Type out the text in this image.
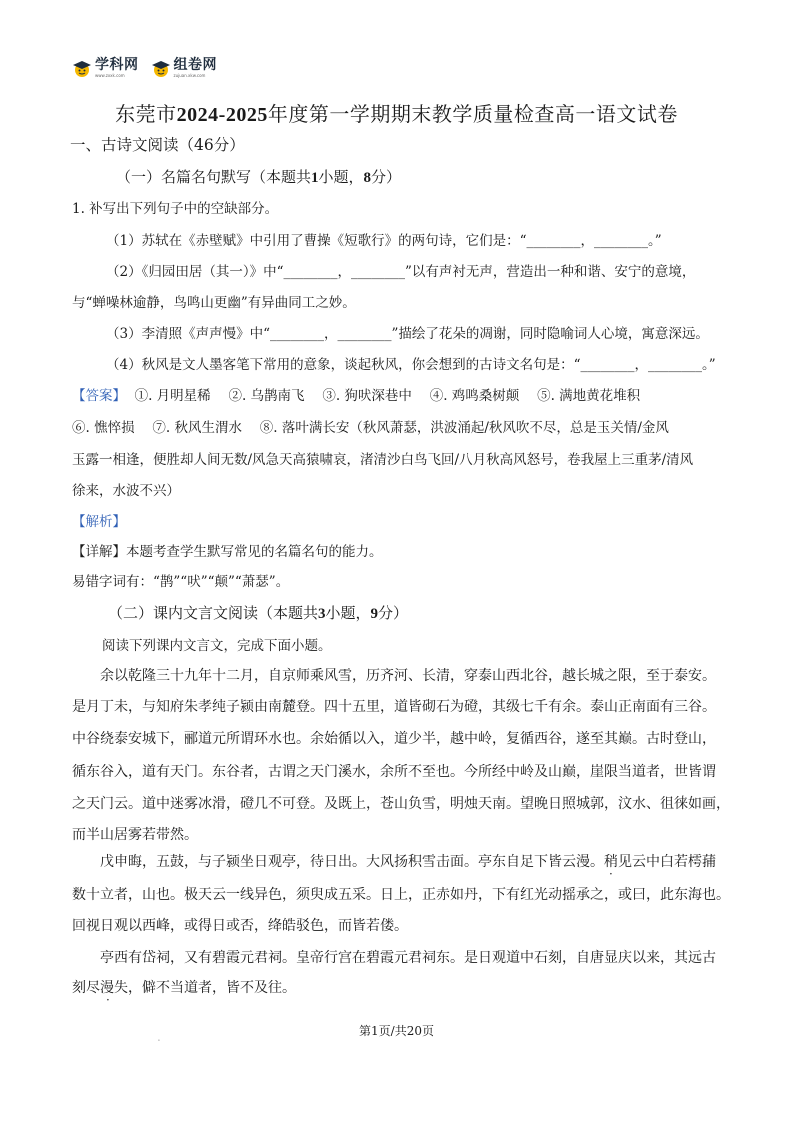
学科网
www.zxxk.com
组卷网
zujuan.xkw.com
东莞市2024-2025年度第一学期期末教学质量检查高一语文试卷
一、古诗文阅读（46分）
（一）名篇名句默写（本题共1小题，8分）
1. 补写出下列句子中的空缺部分。
（1）苏轼在《赤壁赋》中引用了曹操《短歌行》的两句诗，它们是：“________，________。”
（2）《归园田居（其一）》中“________，________”以有声衬无声，营造出一种和谐、安宁的意境，
与“蝉噪林逾静，鸟鸣山更幽”有异曲同工之妙。
（3）李清照《声声慢》中“________，________”描绘了花朵的凋谢，同时隐喻词人心境，寓意深远。
（4）秋风是文人墨客笔下常用的意象，谈起秋风，你会想到的古诗文名句是：“________，________。”
【答案】 ①. 月明星稀　 ②. 乌鹊南飞　 ③. 狗吠深巷中　 ④. 鸡鸣桑树颠　 ⑤. 满地黄花堆积
⑥. 憔悴损　 ⑦. 秋风生渭水　 ⑧. 落叶满长安（秋风萧瑟，洪波涌起/秋风吹不尽，总是玉关情/金风
玉露一相逢，便胜却人间无数/风急天高猿啸哀，渚清沙白鸟飞回/八月秋高风怒号，卷我屋上三重茅/清风
徐来，水波不兴）
【解析】
【详解】本题考查学生默写常见的名篇名句的能力。
易错字词有：“鹊”“吠”“颠”“萧瑟”。
（二）课内文言文阅读（本题共3小题，9分）
阅读下列课内文言文，完成下面小题。
余以乾隆三十九年十二月，自京师乘风雪，历齐河、长清，穿泰山西北谷，越长城之限，至于泰安。
是月丁未，与知府朱孝纯子颍由南麓登。四十五里，道皆砌石为磴，其级七千有余。泰山正南面有三谷。
中谷绕泰安城下，郦道元所谓环水也。余始循以入，道少半，越中岭，复循西谷，遂至其巅。古时登山，
循东谷入，道有天门。东谷者，古谓之天门溪水，余所不至也。今所经中岭及山巅，崖限当道者，世皆谓
之天门云。道中迷雾冰滑，磴几不可登。及既上，苍山负雪，明烛天南。望晚日照城郭，汶水、徂徕如画，
而半山居雾若带然。
戊申晦，五鼓，与子颍坐日观亭，待日出。大风扬积雪击面。亭东自足下皆云漫。稍见云中白若樗蒱
数十立者，山也。极天云一线异色，须臾成五采。日上，正赤如丹，下有红光动摇承之，或曰，此东海也。
回视日观以西峰，或得日或否，绛皓驳色，而皆若偻。
亭西有岱祠，又有碧霞元君祠。皇帝行宫在碧霞元君祠东。是日观道中石刻，自唐显庆以来，其远古
刻尽漫失，僻不当道者，皆不及往。
·
·
.	第1页/共20页
